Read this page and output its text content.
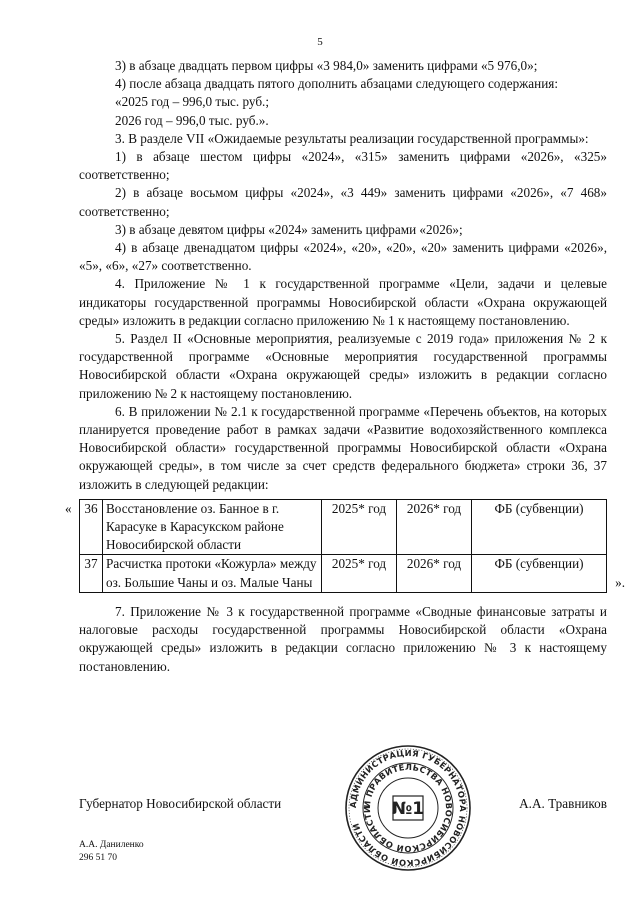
5

3) в абзаце двадцать первом цифры «3 984,0» заменить цифрами «5 976,0»;

4) после абзаца двадцать пятого дополнить абзацами следующего содержания:

«2025 год – 996,0 тыс. руб.;

2026 год – 996,0 тыс. руб.».

3. В разделе VII «Ожидаемые результаты реализации государственной программы»:

1) в абзаце шестом цифры «2024», «315» заменить цифрами «2026», «325» соответственно;

2) в абзаце восьмом цифры «2024», «3 449» заменить цифрами «2026», «7 468» соответственно;

3) в абзаце девятом цифры «2024» заменить цифрами «2026»;

4) в абзаце двенадцатом цифры «2024», «20», «20», «20» заменить цифрами «2026», «5», «6», «27» соответственно.

4. Приложение № 1 к государственной программе «Цели, задачи и целевые индикаторы государственной программы Новосибирской области «Охрана окружающей среды» изложить в редакции согласно приложению № 1 к настоящему постановлению.

5. Раздел II «Основные мероприятия, реализуемые с 2019 года» приложения № 2 к государственной программе «Основные мероприятия государственной программы Новосибирской области «Охрана окружающей среды» изложить в редакции согласно приложению № 2 к настоящему постановлению.

6. В приложении № 2.1 к государственной программе «Перечень объектов, на которых планируется проведение работ в рамках задачи «Развитие водохозяйственного комплекса Новосибирской области» государственной программы Новосибирской области «Охрана окружающей среды», в том числе за счет средств федерального бюджета» строки 36, 37 изложить в следующей редакции:

« 36	Восстановление оз. Банное в г. Карасуке в Карасукском районе Новосибирской области	2025* год	2026* год	ФБ (субвенции)
37	Расчистка протоки «Кожурла» между оз. Большие Чаны и оз. Малые Чаны	2025* год	2026* год	ФБ (субвенции)
».

7. Приложение № 3 к государственной программе «Сводные финансовые затраты и налоговые расходы государственной программы Новосибирской области «Охрана окружающей среды» изложить в редакции согласно приложению № 3 к настоящему постановлению.

Губернатор Новосибирской области	А.А. Травников
АДМИНИСТРАЦИЯ ГУБЕРНАТОРА НОВОСИБИРСКОЙ ОБЛАСТИ
И ПРАВИТЕЛЬСТВА НОВОСИБИРСКОЙ ОБЛАСТИ	№1
А.А. Даниленко
296 51 70
